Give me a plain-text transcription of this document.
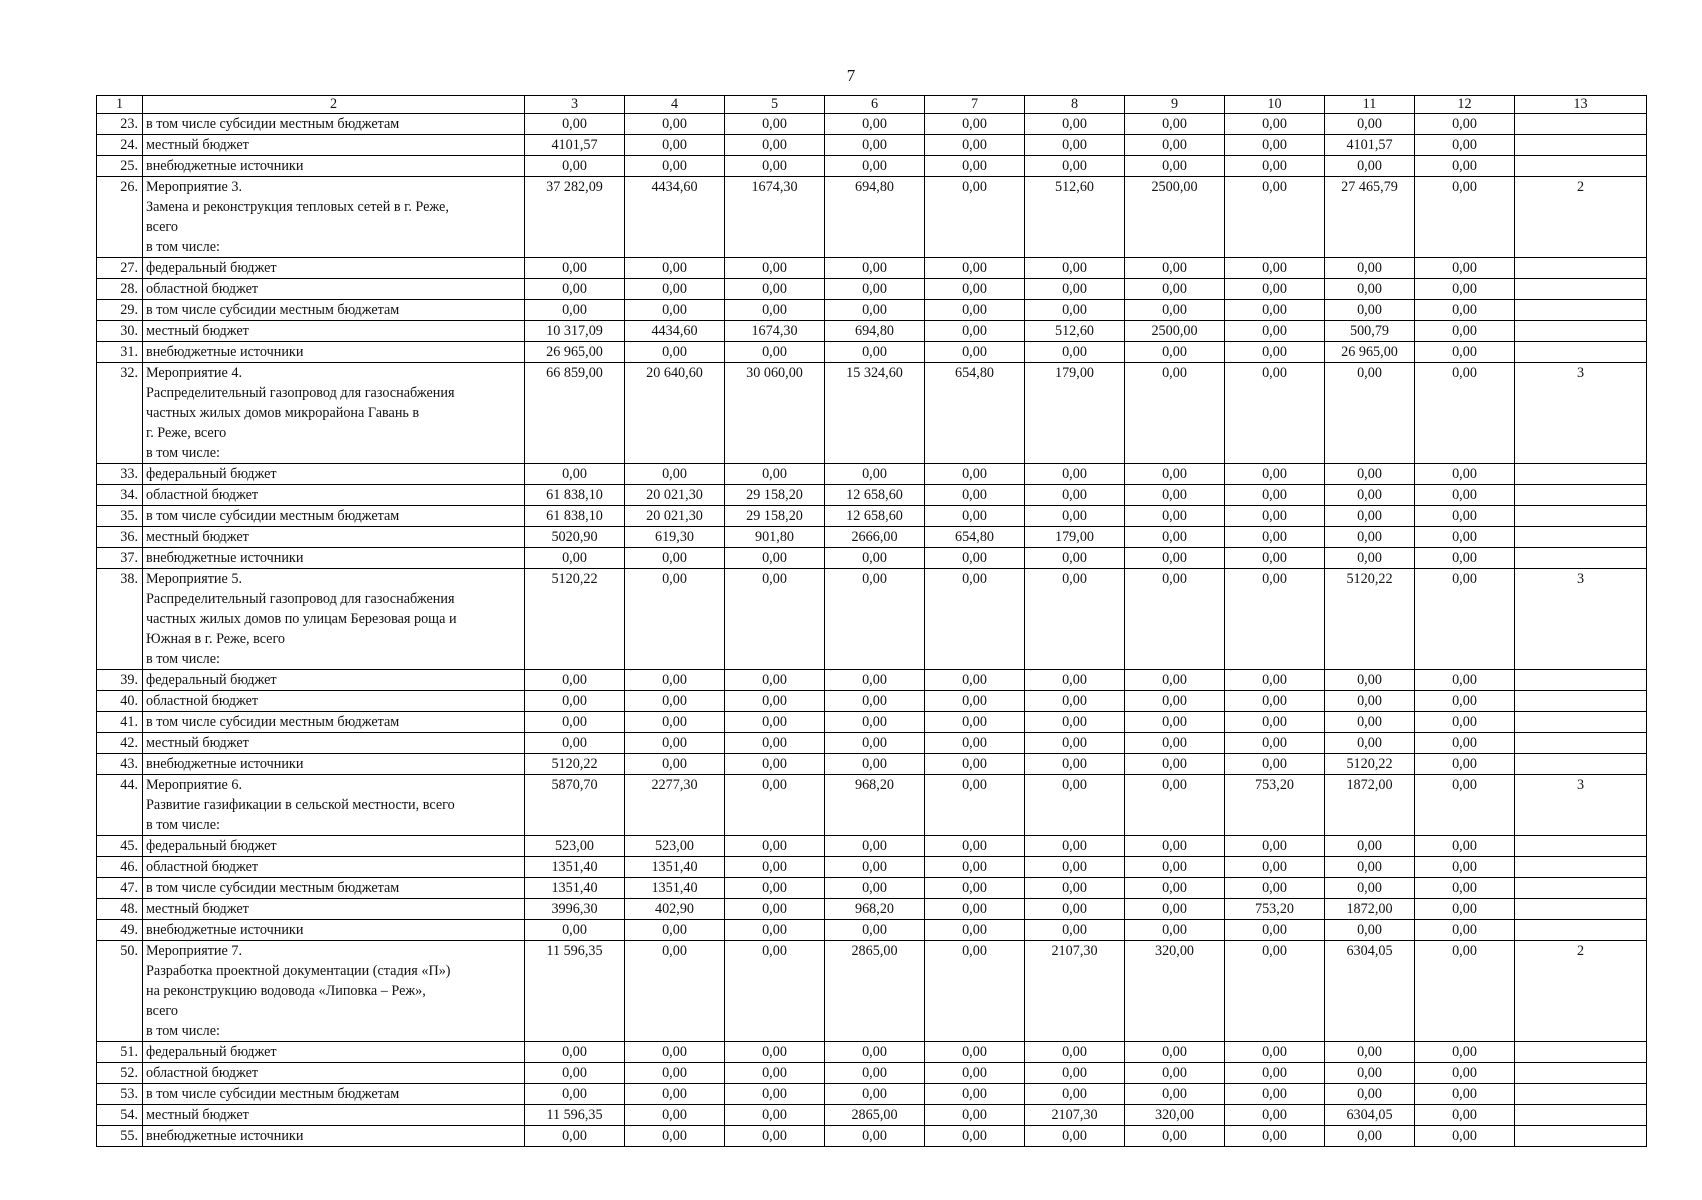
7
1	2	3	4	5	6	7	8	9	10	11	12	13
23.	в том числе субсидии местным бюджетам	0,00	0,00	0,00	0,00	0,00	0,00	0,00	0,00	0,00	0,00	
24.	местный бюджет	4101,57	0,00	0,00	0,00	0,00	0,00	0,00	0,00	4101,57	0,00	
25.	внебюджетные источники	0,00	0,00	0,00	0,00	0,00	0,00	0,00	0,00	0,00	0,00	
26.	Мероприятие 3.
Замена и реконструкция тепловых сетей в г. Реже,
всего
в том числе:	37 282,09	4434,60	1674,30	694,80	0,00	512,60	2500,00	0,00	27 465,79	0,00	2
27.	федеральный бюджет	0,00	0,00	0,00	0,00	0,00	0,00	0,00	0,00	0,00	0,00	
28.	областной бюджет	0,00	0,00	0,00	0,00	0,00	0,00	0,00	0,00	0,00	0,00	
29.	в том числе субсидии местным бюджетам	0,00	0,00	0,00	0,00	0,00	0,00	0,00	0,00	0,00	0,00	
30.	местный бюджет	10 317,09	4434,60	1674,30	694,80	0,00	512,60	2500,00	0,00	500,79	0,00	
31.	внебюджетные источники	26 965,00	0,00	0,00	0,00	0,00	0,00	0,00	0,00	26 965,00	0,00	
32.	Мероприятие 4.
Распределительный газопровод для газоснабжения
частных жилых домов микрорайона Гавань в
г. Реже, всего
в том числе:	66 859,00	20 640,60	30 060,00	15 324,60	654,80	179,00	0,00	0,00	0,00	0,00	3
33.	федеральный бюджет	0,00	0,00	0,00	0,00	0,00	0,00	0,00	0,00	0,00	0,00	
34.	областной бюджет	61 838,10	20 021,30	29 158,20	12 658,60	0,00	0,00	0,00	0,00	0,00	0,00	
35.	в том числе субсидии местным бюджетам	61 838,10	20 021,30	29 158,20	12 658,60	0,00	0,00	0,00	0,00	0,00	0,00	
36.	местный бюджет	5020,90	619,30	901,80	2666,00	654,80	179,00	0,00	0,00	0,00	0,00	
37.	внебюджетные источники	0,00	0,00	0,00	0,00	0,00	0,00	0,00	0,00	0,00	0,00	
38.	Мероприятие 5.
Распределительный газопровод для газоснабжения
частных жилых домов по улицам Березовая роща и
Южная в г. Реже, всего
в том числе:	5120,22	0,00	0,00	0,00	0,00	0,00	0,00	0,00	5120,22	0,00	3
39.	федеральный бюджет	0,00	0,00	0,00	0,00	0,00	0,00	0,00	0,00	0,00	0,00	
40.	областной бюджет	0,00	0,00	0,00	0,00	0,00	0,00	0,00	0,00	0,00	0,00	
41.	в том числе субсидии местным бюджетам	0,00	0,00	0,00	0,00	0,00	0,00	0,00	0,00	0,00	0,00	
42.	местный бюджет	0,00	0,00	0,00	0,00	0,00	0,00	0,00	0,00	0,00	0,00	
43.	внебюджетные источники	5120,22	0,00	0,00	0,00	0,00	0,00	0,00	0,00	5120,22	0,00	
44.	Мероприятие 6.
Развитие газификации в сельской местности, всего
в том числе:	5870,70	2277,30	0,00	968,20	0,00	0,00	0,00	753,20	1872,00	0,00	3
45.	федеральный бюджет	523,00	523,00	0,00	0,00	0,00	0,00	0,00	0,00	0,00	0,00	
46.	областной бюджет	1351,40	1351,40	0,00	0,00	0,00	0,00	0,00	0,00	0,00	0,00	
47.	в том числе субсидии местным бюджетам	1351,40	1351,40	0,00	0,00	0,00	0,00	0,00	0,00	0,00	0,00	
48.	местный бюджет	3996,30	402,90	0,00	968,20	0,00	0,00	0,00	753,20	1872,00	0,00	
49.	внебюджетные источники	0,00	0,00	0,00	0,00	0,00	0,00	0,00	0,00	0,00	0,00	
50.	Мероприятие 7.
Разработка проектной документации (стадия «П»)
на реконструкцию водовода «Липовка – Реж»,
всего
в том числе:	11 596,35	0,00	0,00	2865,00	0,00	2107,30	320,00	0,00	6304,05	0,00	2
51.	федеральный бюджет	0,00	0,00	0,00	0,00	0,00	0,00	0,00	0,00	0,00	0,00	
52.	областной бюджет	0,00	0,00	0,00	0,00	0,00	0,00	0,00	0,00	0,00	0,00	
53.	в том числе субсидии местным бюджетам	0,00	0,00	0,00	0,00	0,00	0,00	0,00	0,00	0,00	0,00	
54.	местный бюджет	11 596,35	0,00	0,00	2865,00	0,00	2107,30	320,00	0,00	6304,05	0,00	
55.	внебюджетные источники	0,00	0,00	0,00	0,00	0,00	0,00	0,00	0,00	0,00	0,00	
